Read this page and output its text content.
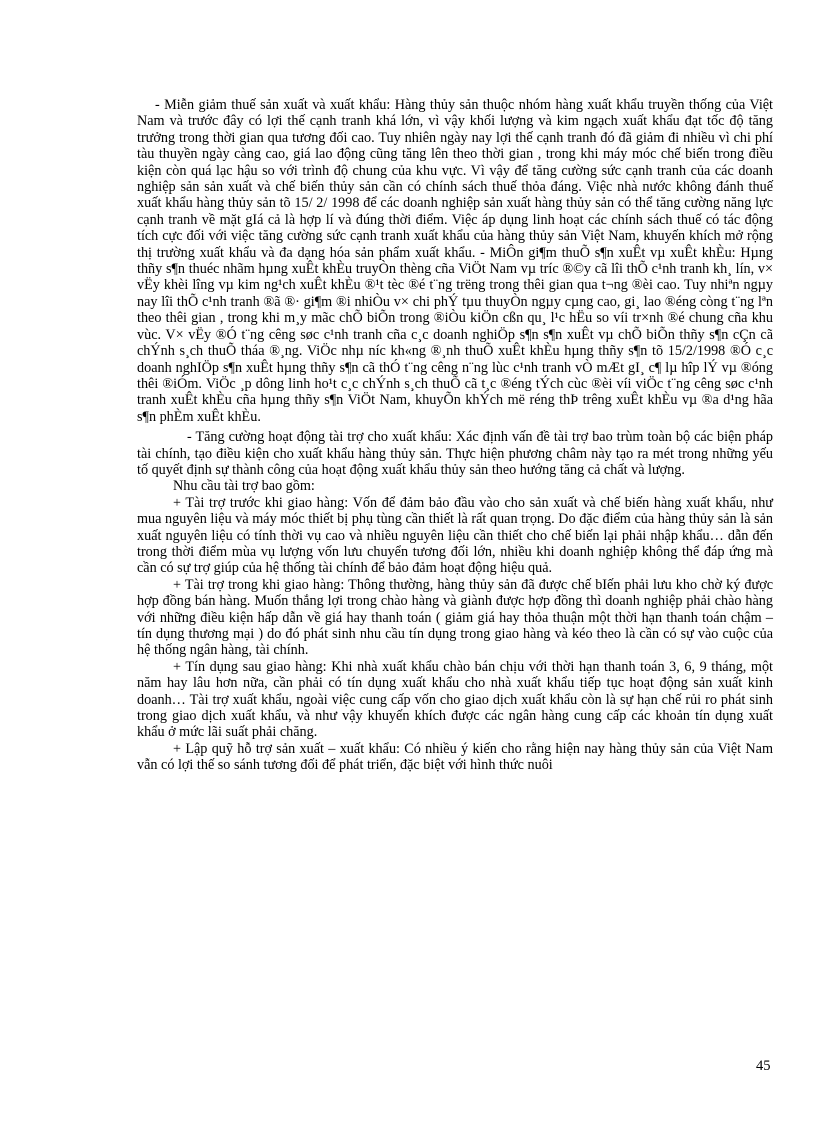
- Miễn giảm thuế sản xuất và xuất khẩu: Hàng thủy sản thuộc nhóm hàng xuất khẩu truyền thống của Việt Nam và trước đây có lợi thế cạnh tranh khá lớn, vì vậy khối lượng và kim ngạch xuất khẩu đạt tốc độ tăng trưởng trong thời gian qua tương đối cao. Tuy nhiên ngày nay lợi thế cạnh tranh đó đã giảm đi nhiều vì chi phí tàu thuyền ngày càng cao, giá lao động cũng tăng lên theo thời gian , trong khi máy móc chế biến trong điều kiện còn quá lạc hậu so với trình độ chung của khu vực. Vì vậy để tăng cường sức cạnh tranh của các doanh nghiệp sản sản xuất và chế biến thủy sản cần có chính sách thuế thỏa đáng. Việc nhà nước không đánh thuế xuất khẩu hàng thủy sản tõ 15/ 2/ 1998 để các doanh nghiệp sản xuất hàng thủy sản có thể tăng cường năng lực cạnh tranh về mặt gIá cả là hợp lí và đúng thời điểm. Việc áp dụng linh hoạt các chính sách thuế có tác động tích cực đối với việc tăng cường sức cạnh tranh xuất khẩu của hàng thủy sản Việt Nam, khuyến khích mở rộng thị trường xuất khẩu và đa dạng hóa sản phẩm xuất khẩu. - MiÔn gi¶m thuÕ s¶n xuÊt vµ xuÊt khÈu: Hµng thñy s¶n thuéc nhãm hµng xuÊt khÈu truyÒn thèng cña ViÖt Nam vµ tríc ®©y cã lîi thÕ c¹nh tranh kh¸ lín, v× vËy khèi lîng vµ kim ng¹ch xuÊt khÈu ®¹t tèc ®é t¨ng trëng trong thêi gian qua t¬ng ®èi cao. Tuy nhiªn ngµy nay lîi thÕ c¹nh tranh ®ã ®· gi¶m ®i nhiÒu v× chi phÝ tµu thuyÒn ngµy cµng cao, gi¸ lao ®éng còng t¨ng lªn theo thêi gian , trong khi m¸y mãc chÕ biÕn trong ®iÒu kiÖn cßn qu¸ l¹c hËu so víi tr×nh ®é chung cña khu vùc. V× vËy ®Ó t¨ng cêng søc c¹nh tranh cña c¸c doanh nghiÖp s¶n s¶n xuÊt vµ chÕ biÕn thñy s¶n cÇn cã chÝnh s¸ch thuÕ tháa ®¸ng. ViÖc nhµ níc kh«ng ®¸nh thuÕ xuÊt khÈu hµng thñy s¶n tõ 15/2/1998 ®Ó c¸c doanh nghIÖp s¶n xuÊt hµng thñy s¶n cã thÓ t¨ng cêng n¨ng lùc c¹nh tranh vÒ mÆt gI¸ c¶ lµ hîp lÝ vµ ®óng thêi ®iÓm. ViÖc ¸p dông linh ho¹t c¸c chÝnh s¸ch thuÕ cã t¸c ®éng tÝch cùc ®èi víi viÖc t¨ng cêng søc c¹nh tranh xuÊt khÈu cña hµng thñy s¶n ViÖt Nam, khuyÕn khÝch më réng thÞ trêng xuÊt khÈu vµ ®a d¹ng hãa s¶n phÈm xuÊt khÈu.

- Tăng cường hoạt động tài trợ cho xuất khẩu: Xác định vấn đề tài trợ bao trùm toàn bộ các biện pháp tài chính, tạo điều kiện cho xuất khẩu hàng thủy sản. Thực hiện phương châm này tạo ra mét trong những yếu tố quyết định sự thành công của hoạt động xuất khẩu thủy sản theo hướng tăng cả chất và lượng.

Nhu cầu tài trợ bao gồm:

+ Tài trợ trước khi giao hàng: Vốn để đảm bảo đầu vào cho sản xuất và chế biến hàng xuất khẩu, như mua nguyên liệu và máy móc thiết bị phụ tùng cần thiết là rất quan trọng. Do đặc điểm của hàng thủy sản là sản xuất nguyên liệu có tính thời vụ cao và nhiều nguyên liệu cần thiết cho chế biến lại phải nhập khẩu… dẫn đến trong thời điểm mùa vụ lượng vốn lưu chuyển tương đối lớn, nhiều khi doanh nghiệp không thể đáp ứng mà cần có sự trợ giúp của hệ thống tài chính để bảo đảm hoạt động hiệu quả.

+ Tài trợ trong khi giao hàng: Thông thường, hàng thủy sản đã được chế bIến phải lưu kho chờ ký được hợp đồng bán hàng. Muốn thắng lợi trong chào hàng và giành được hợp đồng thì doanh nghiệp phải chào hàng với những điều kiện hấp dẫn về giá hay thanh toán ( giảm giá hay thỏa thuận một thời hạn thanh toán chậm – tín dụng thương mại ) do đó phát sinh nhu cầu tín dụng trong giao hàng và kéo theo là cần có sự vào cuộc của hệ thống ngân hàng, tài chính.

+ Tín dụng sau giao hàng: Khi nhà xuất khẩu chào bán chịu với thời hạn thanh toán 3, 6, 9 tháng, một năm hay lâu hơn nữa, cần phải có tín dụng xuất khẩu cho nhà xuất khẩu tiếp tục hoạt động sản xuất kinh doanh… Tài trợ xuất khẩu, ngoài việc cung cấp vốn cho giao dịch xuất khẩu còn là sự hạn chế rủi ro phát sinh trong giao dịch xuất khẩu, và như vậy khuyến khích được các ngân hàng cung cấp các khoản tín dụng xuất khẩu ở mức lãi suất phải chăng.

+ Lập quỹ hỗ trợ sản xuất – xuất khẩu: Có nhiều ý kiến cho rằng hiện nay hàng thủy sản của Việt Nam vẫn có lợi thế so sánh tương đối để phát triển, đặc biệt với hình thức nuôi

45
